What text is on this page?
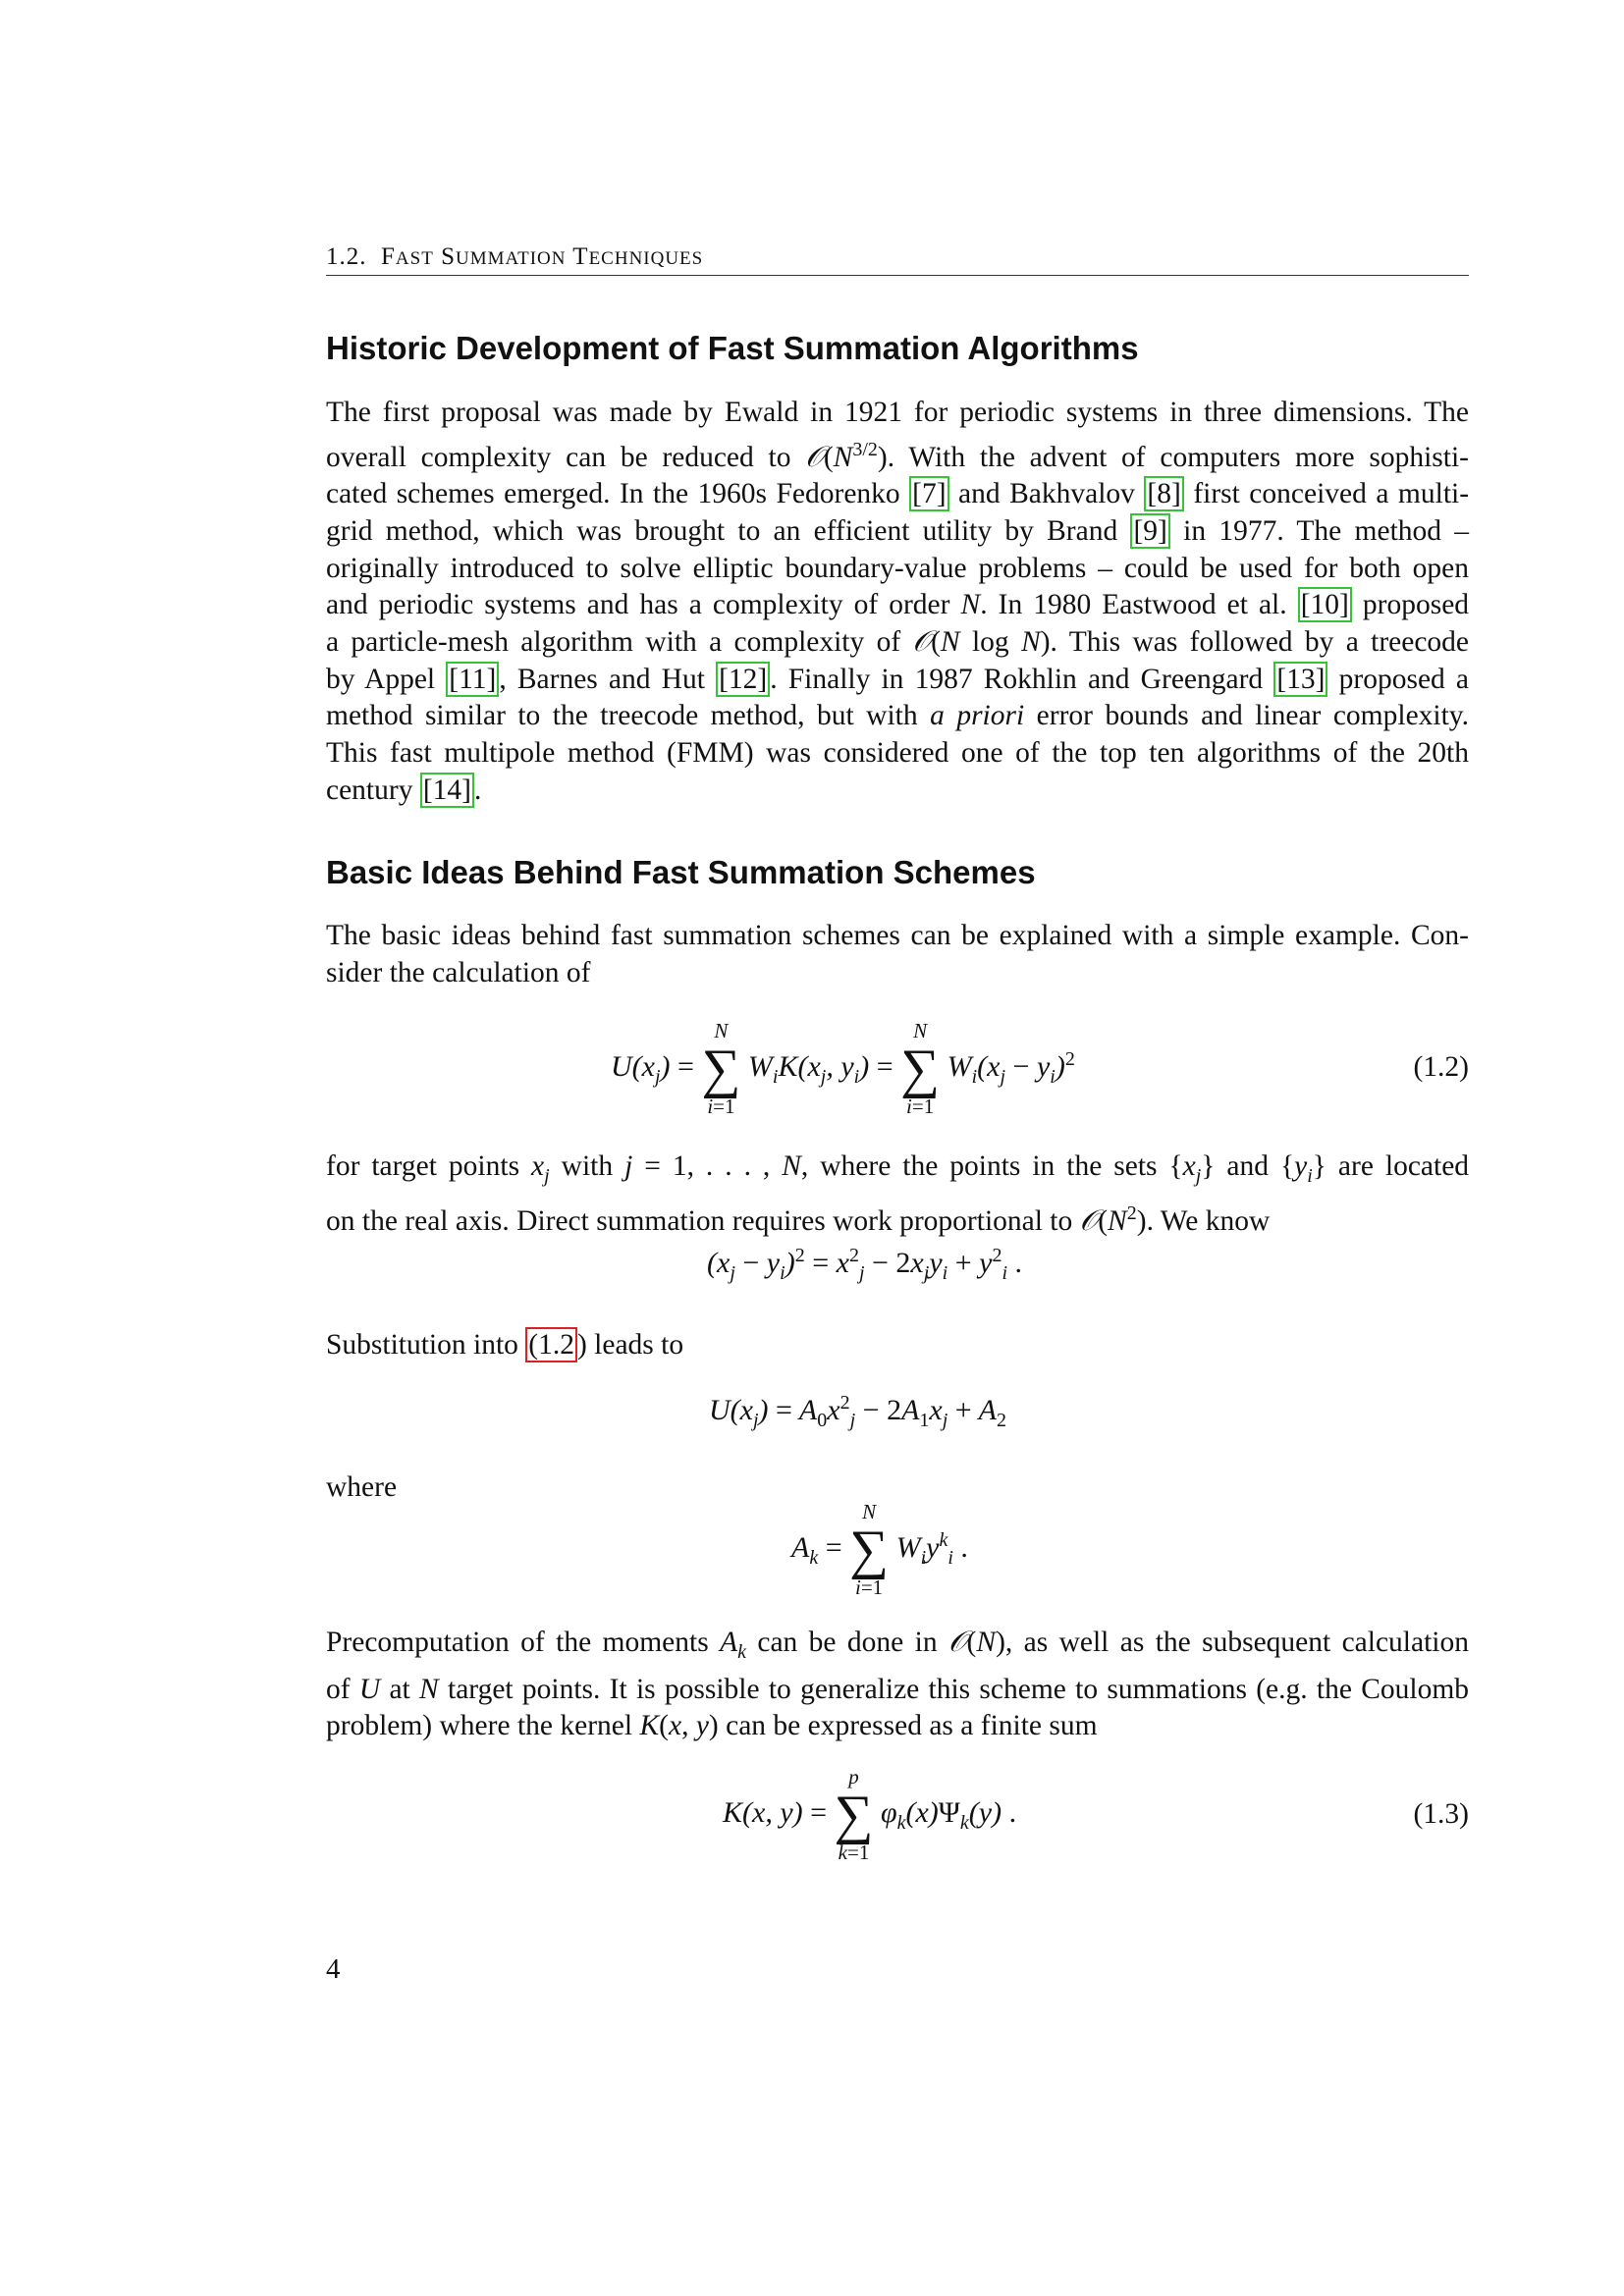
1.2. FAST SUMMATION TECHNIQUES
Historic Development of Fast Summation Algorithms
The first proposal was made by Ewald in 1921 for periodic systems in three dimensions. The
overall complexity can be reduced to $𝒪(N^{3/2})$. With the advent of computers more sophisti-
cated schemes emerged. In the 1960s Fedorenko [7] and Bakhvalov [8] first conceived a multi-
grid method, which was brought to an efficient utility by Brand [9] in 1977. The method –
originally introduced to solve elliptic boundary-value problems – could be used for both open
and periodic systems and has a complexity of order N. In 1980 Eastwood et al. [10] proposed
a particle-mesh algorithm with a complexity of 𝒪(N log N). This was followed by a treecode
by Appel [11] , Barnes and Hut [12] . Finally in 1987 Rokhlin and Greengard [13] proposed a
method similar to the treecode method, but with a priori error bounds and linear complexity.
This fast multipole method (FMM) was considered one of the top ten algorithms of the 20th
century [14] .
Basic Ideas Behind Fast Summation Schemes
The basic ideas behind fast summation schemes can be explained with a simple example. Con-
sider the calculation of
$U(x_j)$ =
N
∑
i=1
$W_iK(x_j$, $y_i$) =
N
∑
i=1
$W_i(x_j - y_i)^2$	(1.2)
for target points $x_j$ with j = 1, . . . , N, where the points in the sets $\{x_j\}$ and $\{y_i\}$ are located
on the real axis. Direct summation requires work proportional to $𝒪(N^2)$. We know
$(x_j - y_i)^2 = x^2_j - 2x_jy_i + y^2_i$ .
Substitution into (1.2 ) leads to
$U(x_j) = A_0x^2_j - 2A_1x_j + A_2$
where
$A_k$ =
N
∑
i=1
$W_iy^k_i$ .
Precomputation of the moments $A_k$ can be done in 𝒪(N), as well as the subsequent calculation
of U at N target points. It is possible to generalize this scheme to summations (e.g. the Coulomb
problem) where the kernel K(x, y) can be expressed as a finite sum
K(x, y) =
p
∑
k=1
$\varphi_k(x)\Psi_k(y)$ .	(1.3)
4
